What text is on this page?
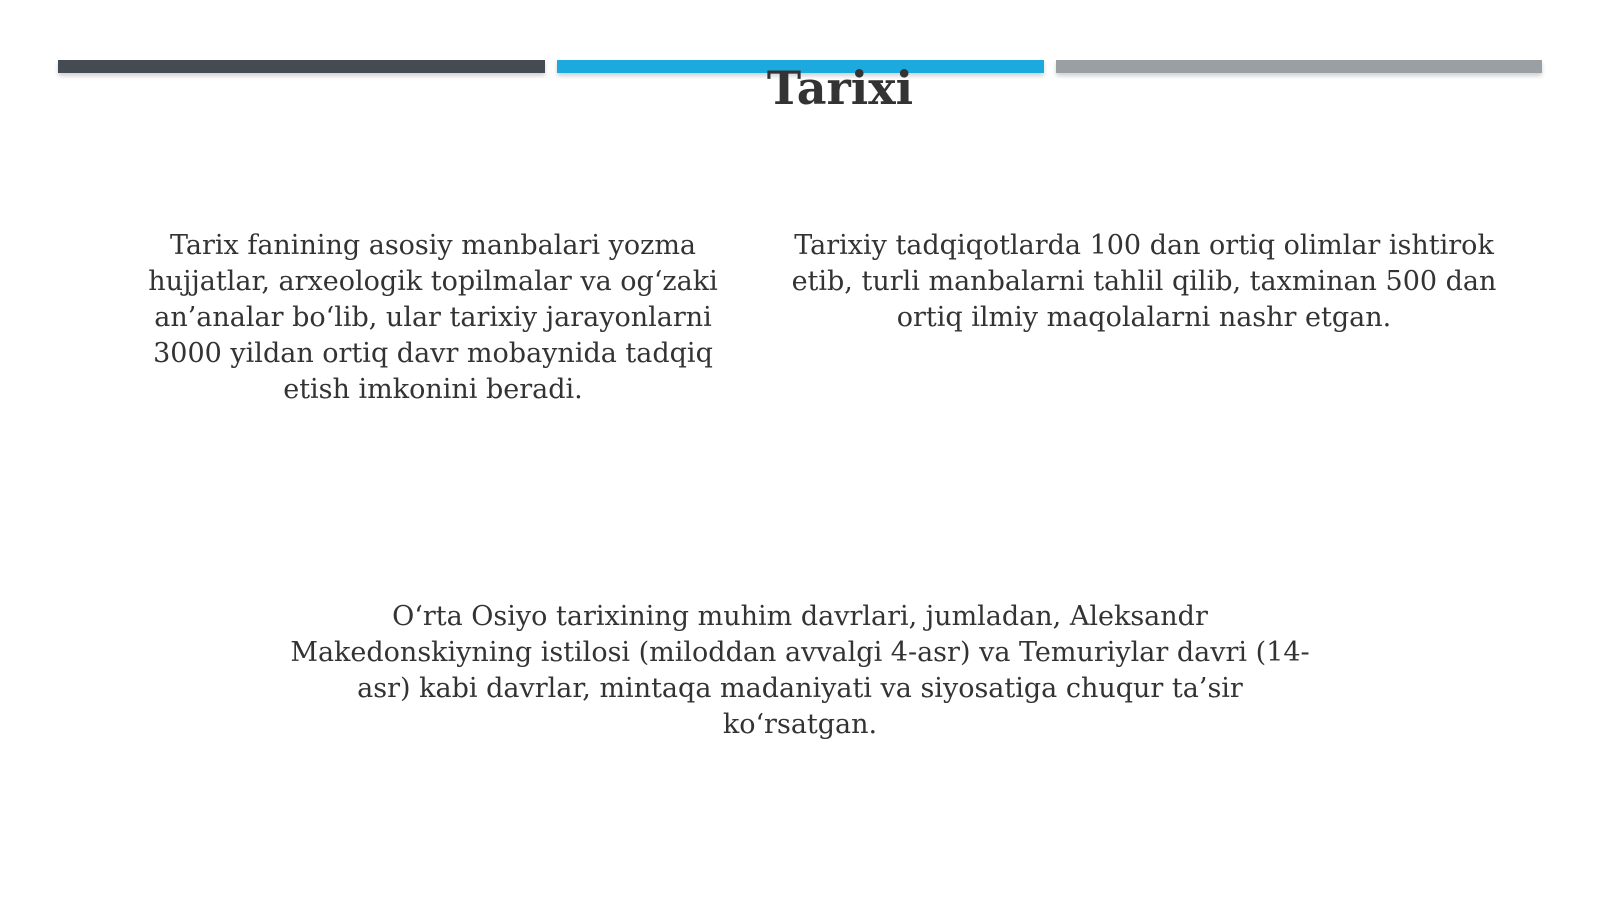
Tarixi

Tarix fanining asosiy manbalari yozma hujjatlar, arxeologik topilmalar va og‘zaki an’analar bo‘lib, ular tarixiy jarayonlarni 3000 yildan ortiq davr mobaynida tadqiq etish imkonini beradi.

Tarixiy tadqiqotlarda 100 dan ortiq olimlar ishtirok etib, turli manbalarni tahlil qilib, taxminan 500 dan ortiq ilmiy maqolalarni nashr etgan.

O‘rta Osiyo tarixining muhim davrlari, jumladan, Aleksandr Makedonskiyning istilosi (miloddan avvalgi 4-asr) va Temuriylar davri (14-asr) kabi davrlar, mintaqa madaniyati va siyosatiga chuqur ta’sir ko‘rsatgan.
